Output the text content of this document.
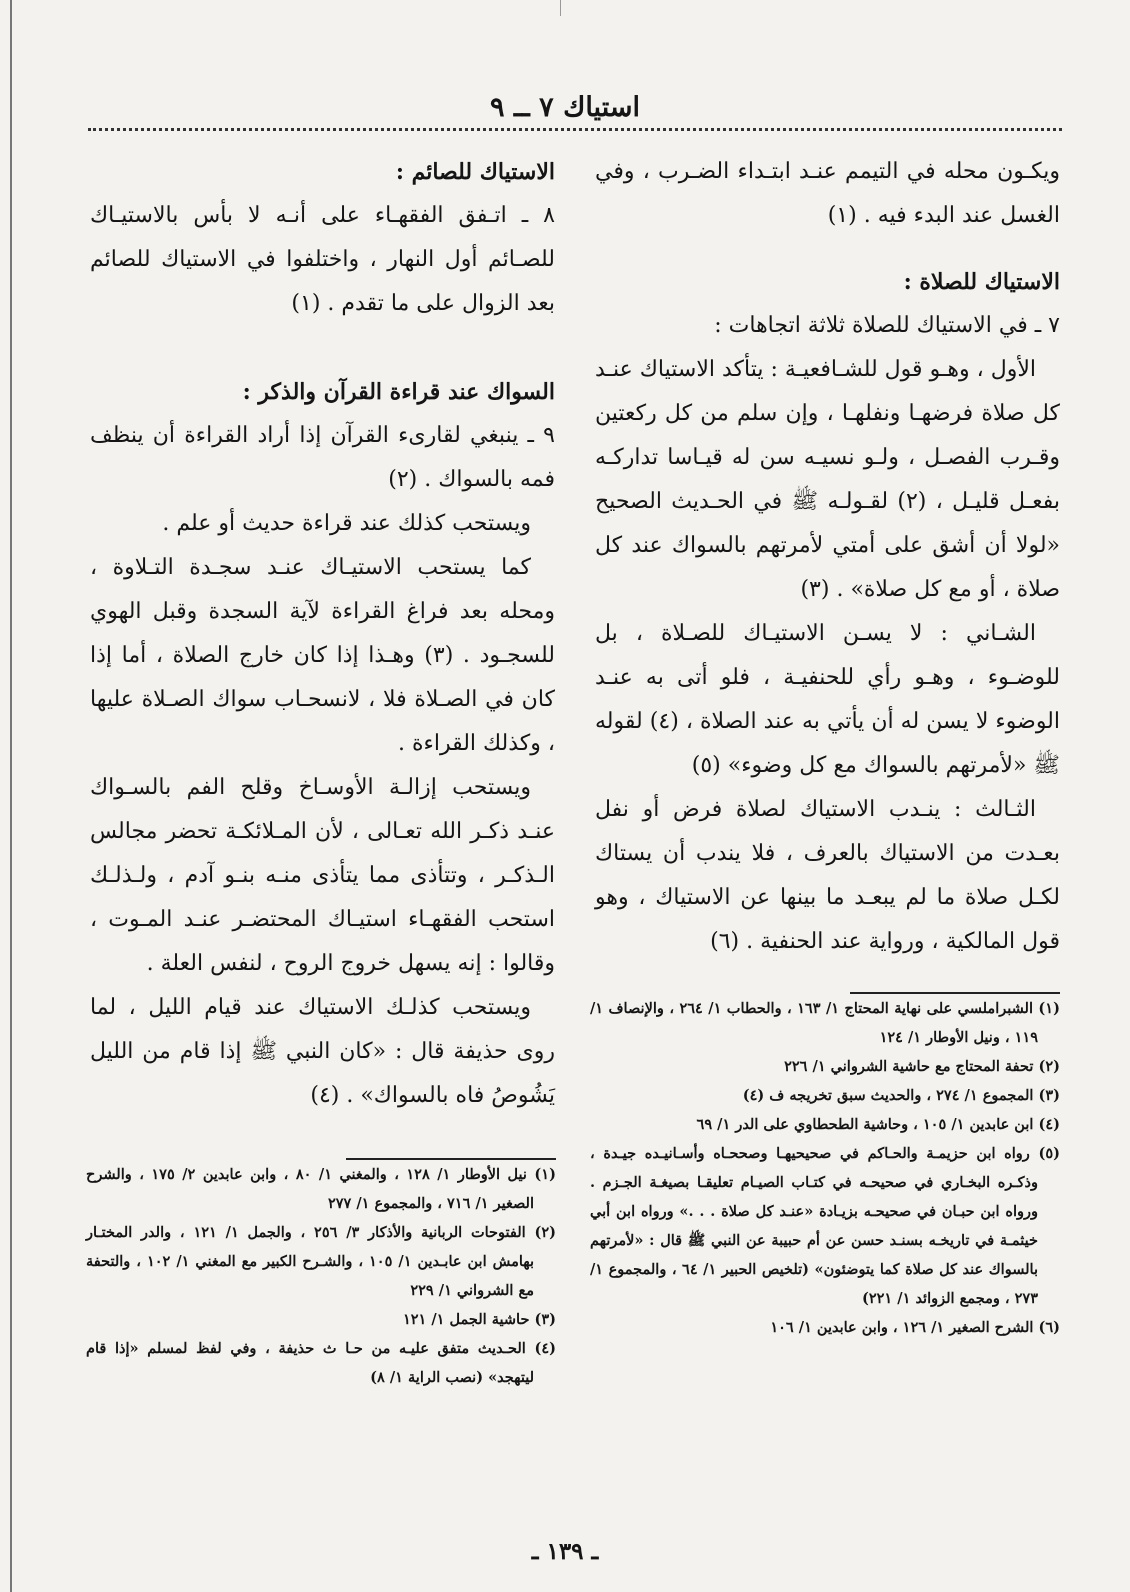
استياك ٧ ــ ٩

ويكـون محله في التيمم عنـد ابتـداء الضـرب ، وفي الغسل عند البدء فيه . (١)

الاستياك للصلاة :

٧ ـ في الاستياك للصلاة ثلاثة اتجاهات :

الأول ، وهـو قول للشـافعيـة : يتأكد الاستياك عنـد كل صلاة فرضهـا ونفلهـا ، وإن سلم من كل ركعتين وقـرب الفصـل ، ولـو نسيـه سن له قيـاسا تداركـه بفعـل قليـل ، (٢) لقـولـه ﷺ في الحـديث الصحيح «لولا أن أشق على أمتي لأمرتهم بالسواك عند كل صلاة ، أو مع كل صلاة» . (٣)

الشـاني : لا يسـن الاستيـاك للصـلاة ، بل للوضـوء ، وهـو رأي للحنفيـة ، فلو أتى به عنـد الوضوء لا يسن له أن يأتي به عند الصلاة ، (٤) لقوله ﷺ «لأمرتهم بالسواك مع كل وضوء» (٥)

الثـالث : ينـدب الاستياك لصلاة فرض أو نفل بعـدت من الاستياك بالعرف ، فلا يندب أن يستاك لكـل صلاة ما لم يبعـد ما بينها عن الاستياك ، وهو قول المالكية ، ورواية عند الحنفية . (٦)

(١) الشبراملسي على نهاية المحتاج ١/ ١٦٣ ، والحطاب ١/ ٢٦٤ ، والإنصاف ١/ ١١٩ ، ونيل الأوطار ١/ ١٢٤

(٢) تحفة المحتاج مع حاشية الشرواني ١/ ٢٢٦

(٣) المجموع ١/ ٢٧٤ ، والحديث سبق تخريجه ف (٤)

(٤) ابن عابدين ١/ ١٠٥ ، وحاشية الطحطاوي على الدر ١/ ٦٩

(٥) رواه ابن حزيمـة والحـاكم في صحيحيهـا وصححـاه وأسـانيـده جيـدة ، وذكـره البخـاري في صحيحـه في كتـاب الصيـام تعليقـا بصيغـة الجـزم . ورواه ابن حبـان في صحيحـه بزيـادة «عنـد كل صلاة . . .» ورواه ابن أبي خيثمـة في تاريخـه بسنـد حسن عن أم حبيبة عن النبي ﷺ قال : «لأمرتهم بالسواك عند كل صلاة كما يتوضئون» (تلخيص الحبير ١/ ٦٤ ، والمجموع ١/ ٢٧٣ ، ومجمع الزوائد ١/ ٢٢١)

(٦) الشرح الصغير ١/ ١٢٦ ، وابن عابدين ١/ ١٠٦

الاستياك للصائم :

٨ ـ اتـفق الفقهـاء على أنـه لا بأس بالاستيـاك للصـائم أول النهار ، واختلفوا في الاستياك للصائم بعد الزوال على ما تقدم . (١)

السواك عند قراءة القرآن والذكر :

٩ ـ ينبغي لقارىء القرآن إذا أراد القراءة أن ينظف فمه بالسواك . (٢)

ويستحب كذلك عند قراءة حديث أو علم .

كما يستحب الاستيـاك عنـد سجـدة التـلاوة ، ومحله بعد فراغ القراءة لآية السجدة وقبل الهوي للسجـود . (٣) وهـذا إذا كان خارج الصلاة ، أما إذا كان في الصـلاة فلا ، لانسحـاب سواك الصـلاة عليها ، وكذلك القراءة .

ويستحب إزالـة الأوسـاخ وقلح الفم بالسـواك عنـد ذكـر الله تعـالى ، لأن المـلائكـة تحضر مجالس الـذكـر ، وتتأذى مما يتأذى منـه بنـو آدم ، ولـذلـك استحب الفقهـاء استيـاك المحتضـر عنـد المـوت ، وقالوا : إنه يسهل خروج الروح ، لنفس العلة .

ويستحب كذلـك الاستياك عند قيام الليل ، لما روى حذيفة قال : «كان النبي ﷺ إذا قام من الليل يَشُوصُ فاه بالسواك» . (٤)

(١) نيل الأوطار ١/ ١٢٨ ، والمغني ١/ ٨٠ ، وابن عابدين ٢/ ١٧٥ ، والشرح الصغير ١/ ٧١٦ ، والمجموع ١/ ٢٧٧

(٢) الفتوحات الربانية والأذكار ٣/ ٢٥٦ ، والجمل ١/ ١٢١ ، والدر المختـار بهامش ابن عابـدين ١/ ١٠٥ ، والشـرح الكبير مع المغني ١/ ١٠٢ ، والتحفة مع الشرواني ١/ ٢٢٩

(٣) حاشية الجمل ١/ ١٢١

(٤) الحـديث متفق عليـه من حـا ث حذيفة ، وفي لفظ لمسلم «إذا قام ليتهجد» (نصب الراية ١/ ٨)

ـ ١٣٩ ـ
